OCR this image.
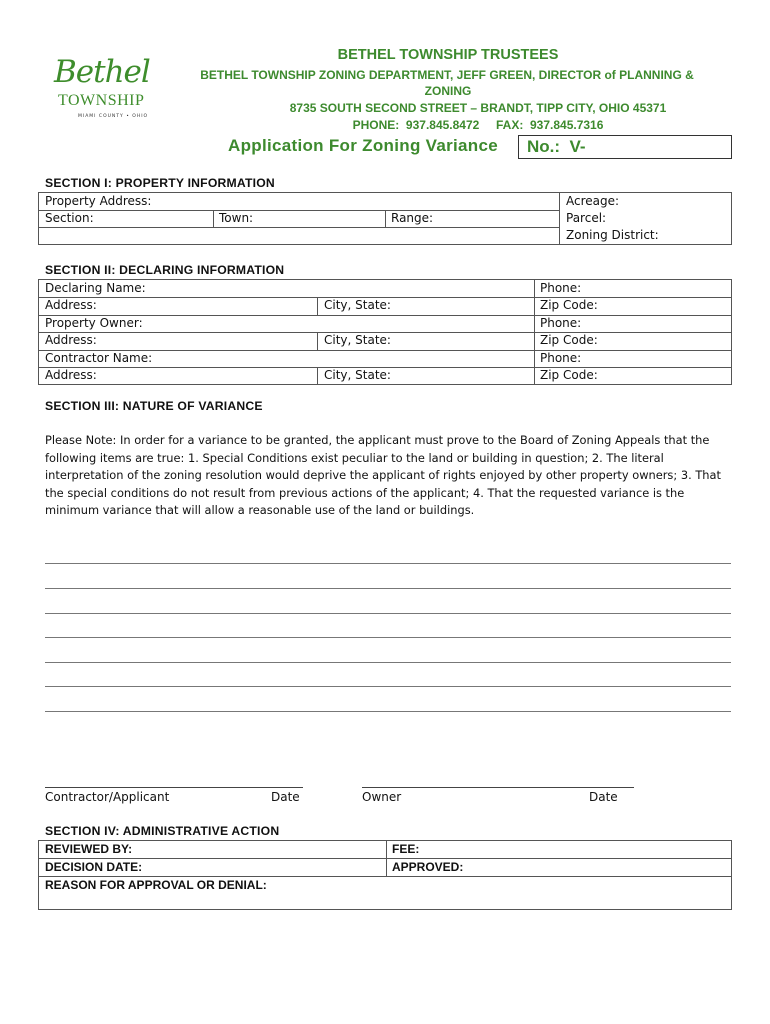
Bethel
TOWNSHIP
MIAMI COUNTY • OHIO
BETHEL TOWNSHIP TRUSTEES
BETHEL TOWNSHIP ZONING DEPARTMENT, JEFF GREEN, DIRECTOR of PLANNING &
ZONING
8735 SOUTH SECOND STREET – BRANDT, TIPP CITY, OHIO 45371
PHONE:  937.845.8472     FAX:  937.845.7316
Application For Zoning Variance No.:  V-
SECTION I: PROPERTY INFORMATION
Property Address:
Section:	Town:	Range:
Acreage:
Parcel:
Zoning District:
SECTION II: DECLARING INFORMATION
Declaring Name:	Phone:
Address:	City, State:	Zip Code:
Property Owner:	Phone:
Address:	City, State:	Zip Code:
Contractor Name:	Phone:
Address:	City, State:	Zip Code:
SECTION III: NATURE OF VARIANCE
Please Note: In order for a variance to be granted, the applicant must prove to the Board of Zoning Appeals that the following items are true: 1. Special Conditions exist peculiar to the land or building in question; 2. The literal interpretation of the zoning resolution would deprive the applicant of rights enjoyed by other property owners; 3. That the special conditions do not result from previous actions of the applicant; 4. That the requested variance is the minimum variance that will allow a reasonable use of the land or buildings.
Contractor/Applicant	Date	Owner	Date
SECTION IV: ADMINISTRATIVE ACTION
REVIEWED BY:	FEE:
DECISION DATE:	APPROVED:
REASON FOR APPROVAL OR DENIAL:
